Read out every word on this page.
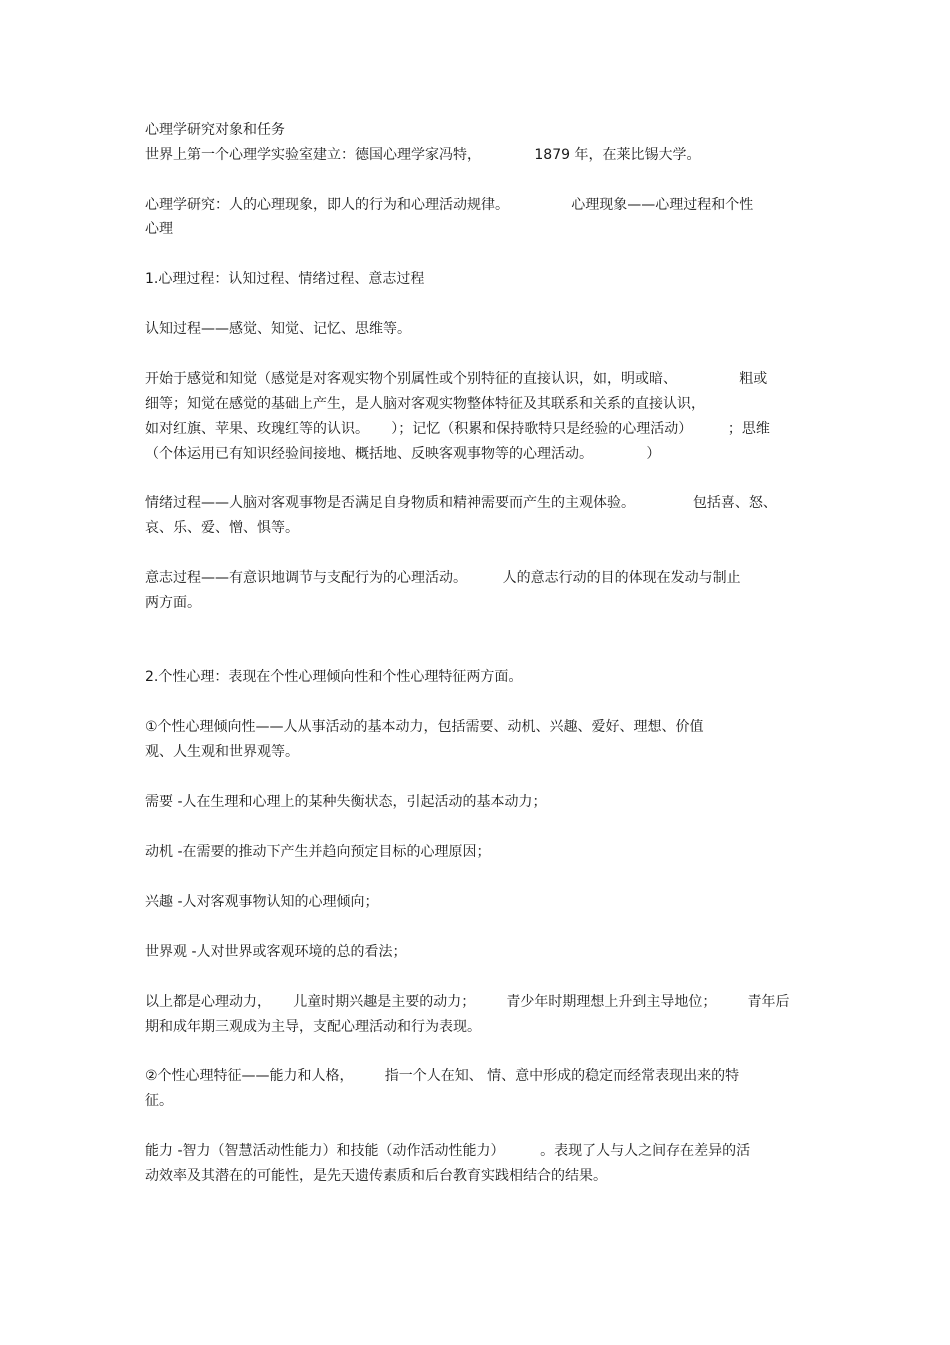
心理学研究对象和任务
世界上第一个心理学实验室建立：德国心理学家冯特，            1879 年，在莱比锡大学。
心理学研究：人的心理现象，即人的行为和心理活动规律。              心理现象——心理过程和个性
心理
1.心理过程：认知过程、情绪过程、意志过程
认知过程——感觉、知觉、记忆、思维等。
开始于感觉和知觉（感觉是对客观实物个别属性或个别特征的直接认识，如，明或暗、              粗或
细等；知觉在感觉的基础上产生，是人脑对客观实物整体特征及其联系和关系的直接认识，
如对红旗、苹果、玫瑰红等的认识。     ）；记忆（积累和保持歌特只是经验的心理活动）        ；思维
（个体运用已有知识经验间接地、概括地、反映客观事物等的心理活动。            ）
情绪过程——人脑对客观事物是否满足自身物质和精神需要而产生的主观体验。             包括喜、怒、
哀、乐、爱、憎、惧等。
意志过程——有意识地调节与支配行为的心理活动。        人的意志行动的目的体现在发动与制止
两方面。
2.个性心理：表现在个性心理倾向性和个性心理特征两方面。
①个性心理倾向性——人从事活动的基本动力，包括需要、动机、兴趣、爱好、理想、价值
观、人生观和世界观等。
需要 -人在生理和心理上的某种失衡状态，引起活动的基本动力；
动机 -在需要的推动下产生并趋向预定目标的心理原因；
兴趣 -人对客观事物认知的心理倾向；
世界观 -人对世界或客观环境的总的看法；
以上都是心理动力，     儿童时期兴趣是主要的动力；       青少年时期理想上升到主导地位；       青年后
期和成年期三观成为主导，支配心理活动和行为表现。
②个性心理特征——能力和人格，       指一个人在知、 情、意中形成的稳定而经常表现出来的特
征。
能力 -智力（智慧活动性能力）和技能（动作活动性能力）        。表现了人与人之间存在差异的活
动效率及其潜在的可能性，是先天遗传素质和后台教育实践相结合的结果。
